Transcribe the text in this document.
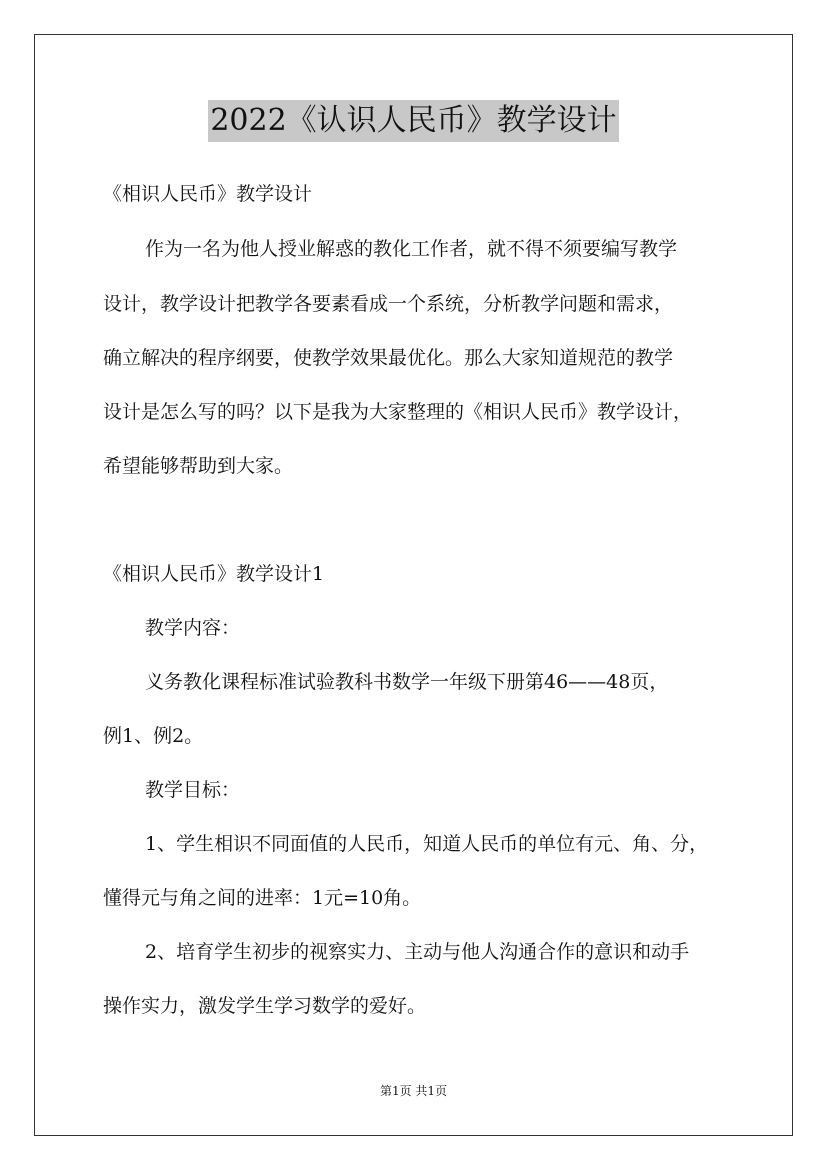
2022《认识人民币》教学设计
《相识人民币》教学设计
作为一名为他人授业解惑的教化工作者，就不得不须要编写教学
设计，教学设计把教学各要素看成一个系统，分析教学问题和需求，
确立解决的程序纲要，使教学效果最优化。那么大家知道规范的教学
设计是怎么写的吗？以下是我为大家整理的《相识人民币》教学设计，
希望能够帮助到大家。
《相识人民币》教学设计1
教学内容：
义务教化课程标准试验教科书数学一年级下册第46——48页，
例1、例2。
教学目标：
1、学生相识不同面值的人民币，知道人民币的单位有元、角、分，
懂得元与角之间的进率：1元=10角。
2、培育学生初步的视察实力、主动与他人沟通合作的意识和动手
操作实力，激发学生学习数学的爱好。
第1页 共1页
